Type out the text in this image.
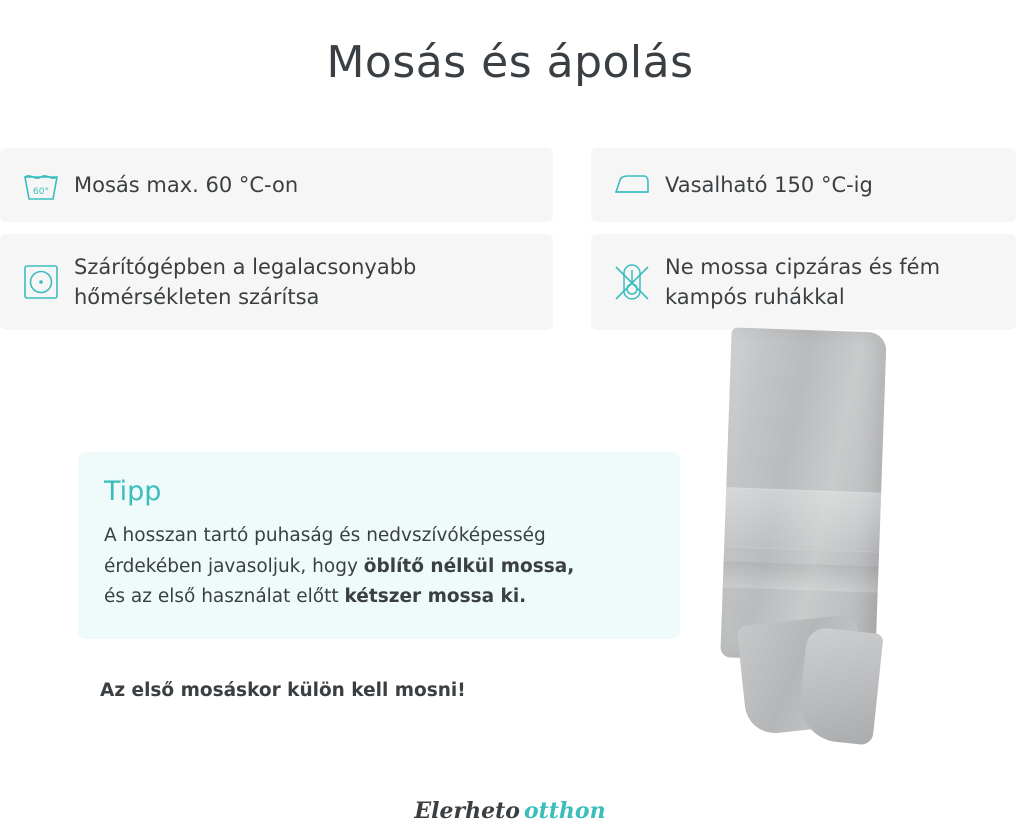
Mosás és ápolás
60° Mosás max. 60 °C-on
Szárítógépben a legalacsonyabb hőmérsékleten szárítsa
Vasalható 150 °C-ig
Ne mossa cipzáras és fém kampós ruhákkal
Tipp
A hosszan tartó puhaság és nedvszívóképesség
érdekében javasoljuk, hogy öblítő nélkül mossa,
és az első használat előtt kétszer mossa ki.
Az első mosáskor külön kell mosni!
Elerheto otthon
